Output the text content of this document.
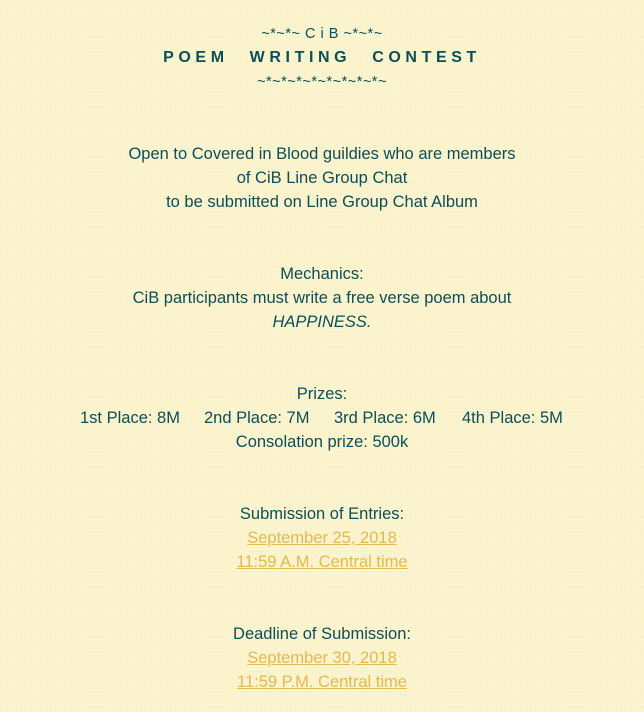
~*~*~ C i B ~*~*~
POEM WRITING CONTEST
~*~*~*~*~*~*~*~*~
Open to Covered in Blood guildies who are members
of CiB Line Group Chat
to be submitted on Line Group Chat Album
Mechanics:
CiB participants must write a free verse poem about
HAPPINESS.
Prizes:

1st Place: 8M

2nd Place: 7M

3rd Place: 6M

4th Place: 5M

Consolation prize: 500k
Submission of Entries:
September 25, 2018
11:59 A.M. Central time
Deadline of Submission:
September 30, 2018
11:59 P.M. Central time
